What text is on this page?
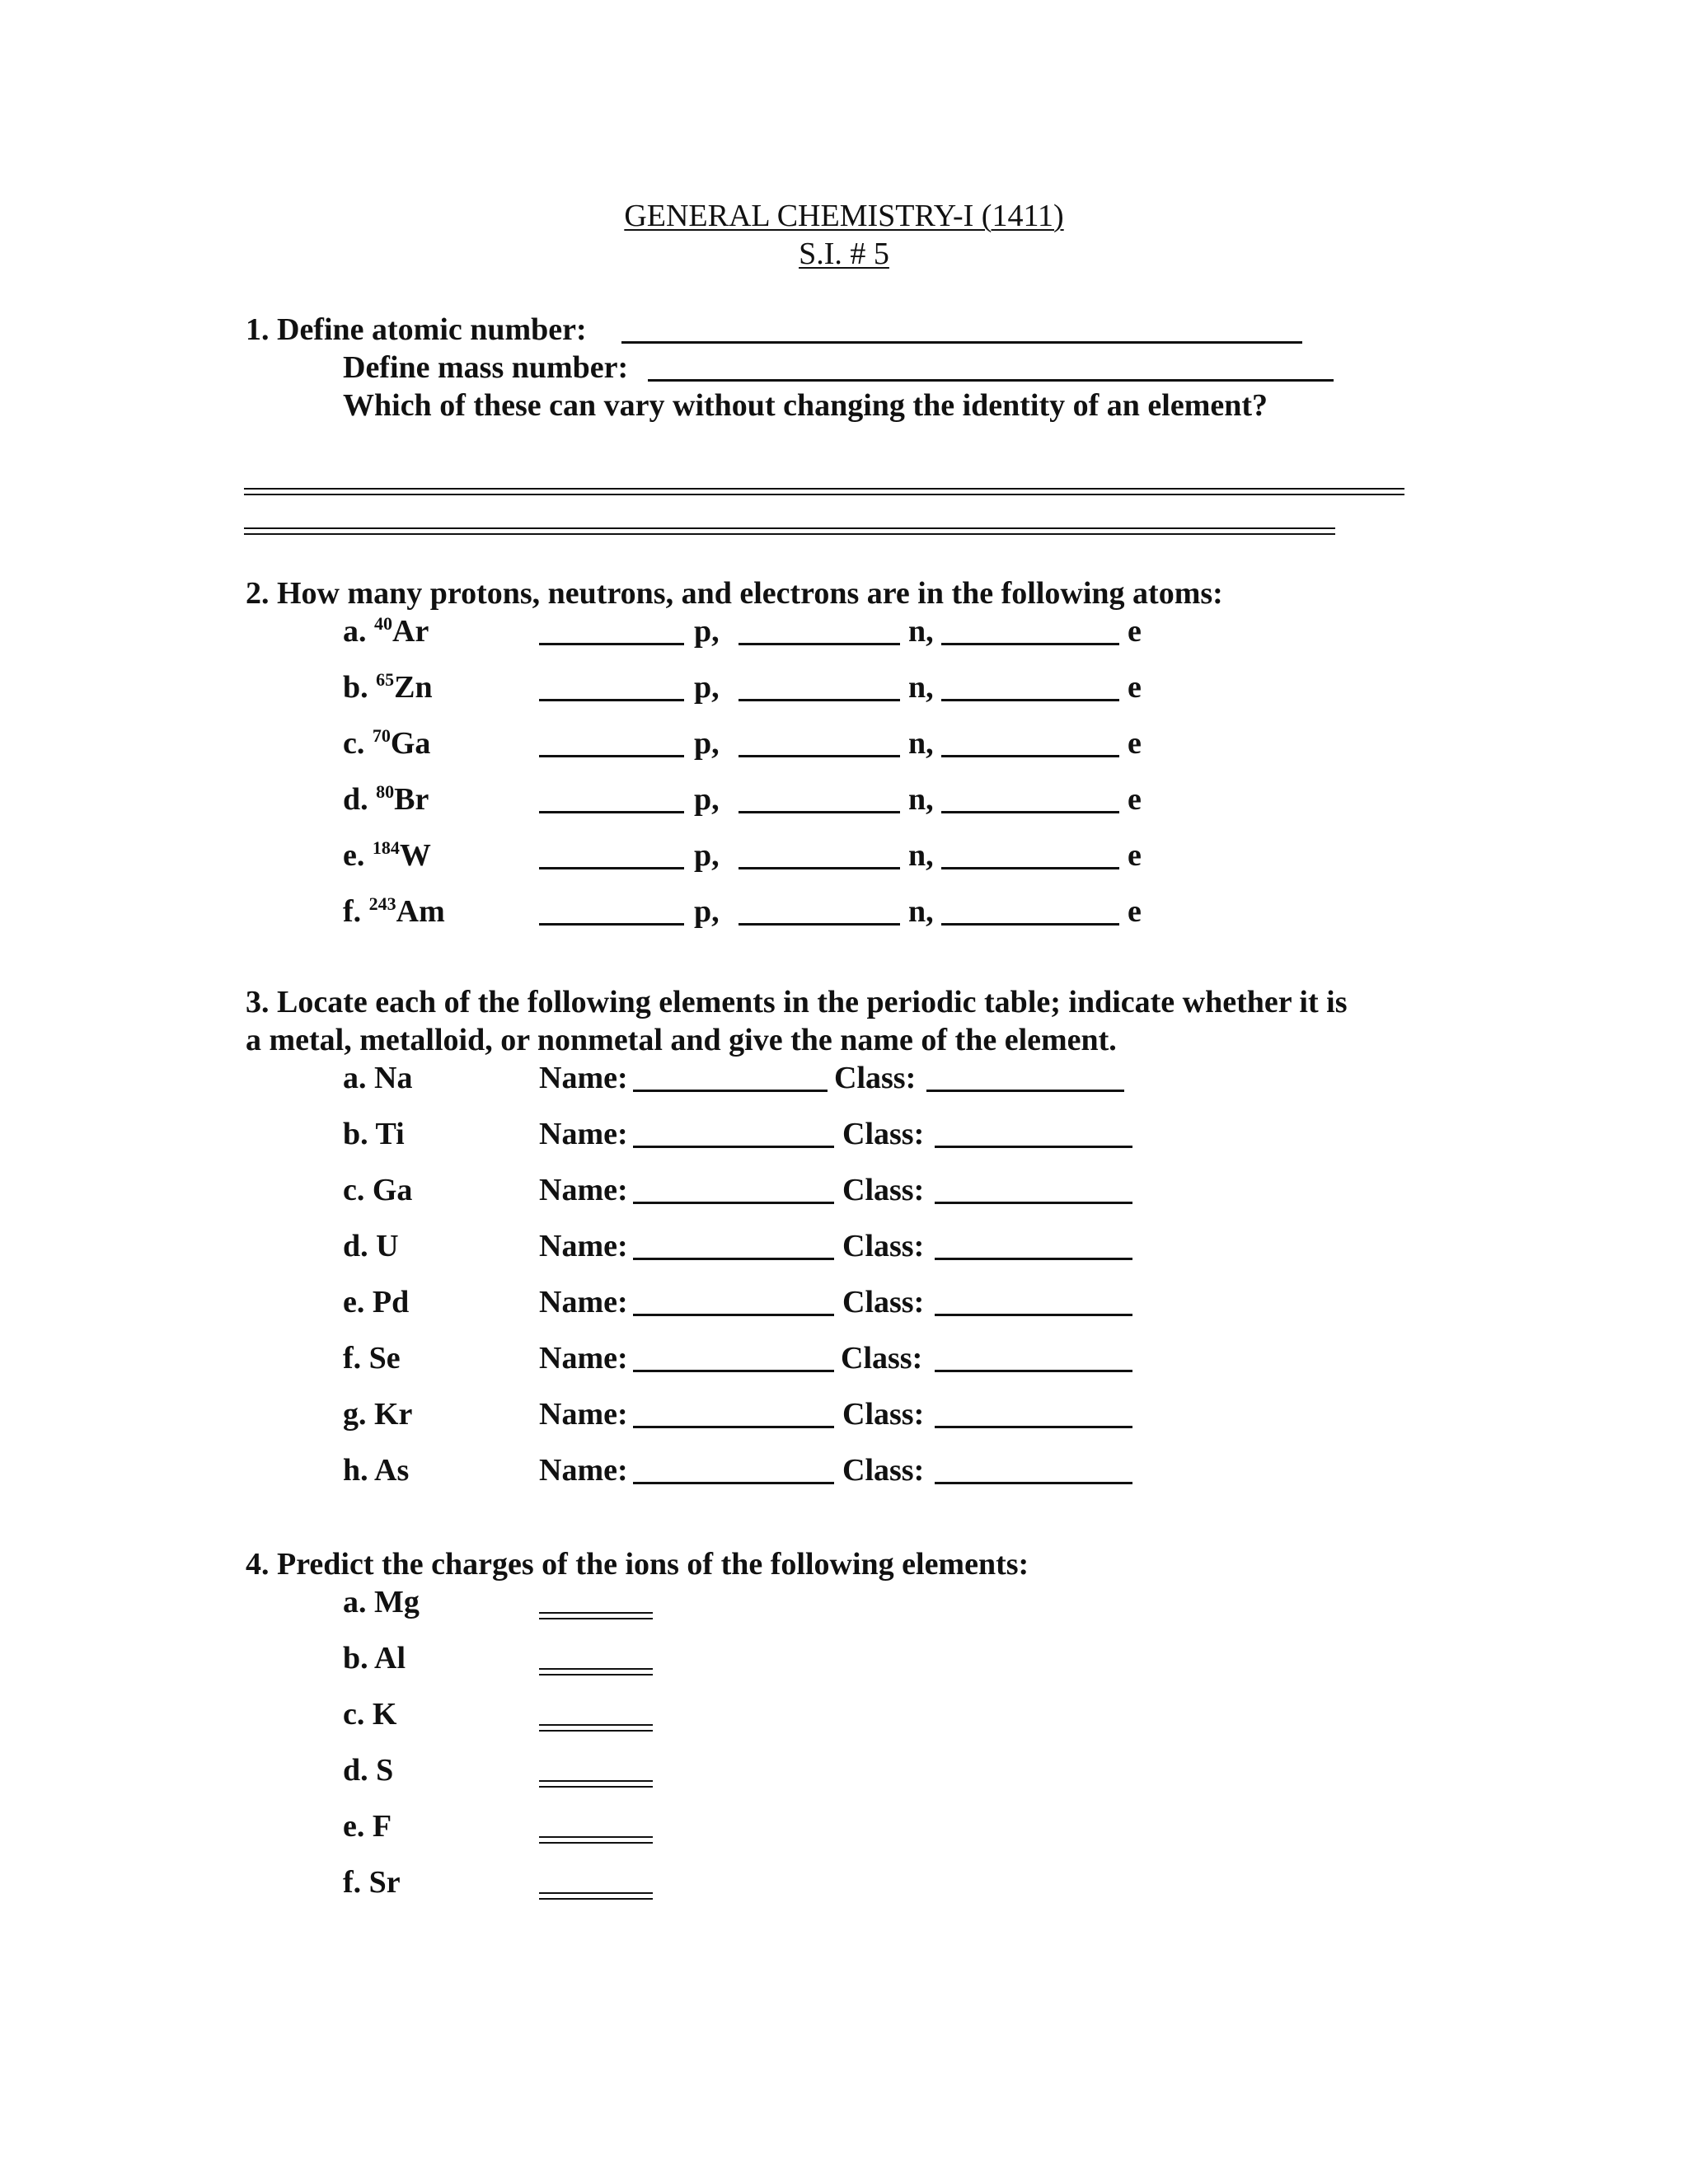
GENERAL CHEMISTRY-I (1411)
S.I. # 5
1. Define atomic number:
Define mass number:
Which of these can vary without changing the identity of an element?
2. How many protons, neutrons, and electrons are in the following atoms:
a. $^{40}$Ar	p,	n,	e
b. $^{65}$Zn	p,	n,	e
c. $^{70}$Ga	p,	n,	e
d. $^{80}$Br	p,	n,	e
e. $^{184}$W	p,	n,	e
f. $^{243}$Am	p,	n,	e
3. Locate each of the following elements in the periodic table; indicate whether it is
a metal, metalloid, or nonmetal and give the name of the element.
a. Na	Name:	Class:
b. Ti	Name:	Class:
c. Ga	Name:	Class:
d. U	Name:	Class:
e. Pd	Name:	Class:
f. Se	Name:	Class:
g. Kr	Name:	Class:
h. As	Name:	Class:
4. Predict the charges of the ions of the following elements:
a. Mg
b. Al
c. K
d. S
e. F
f. Sr
